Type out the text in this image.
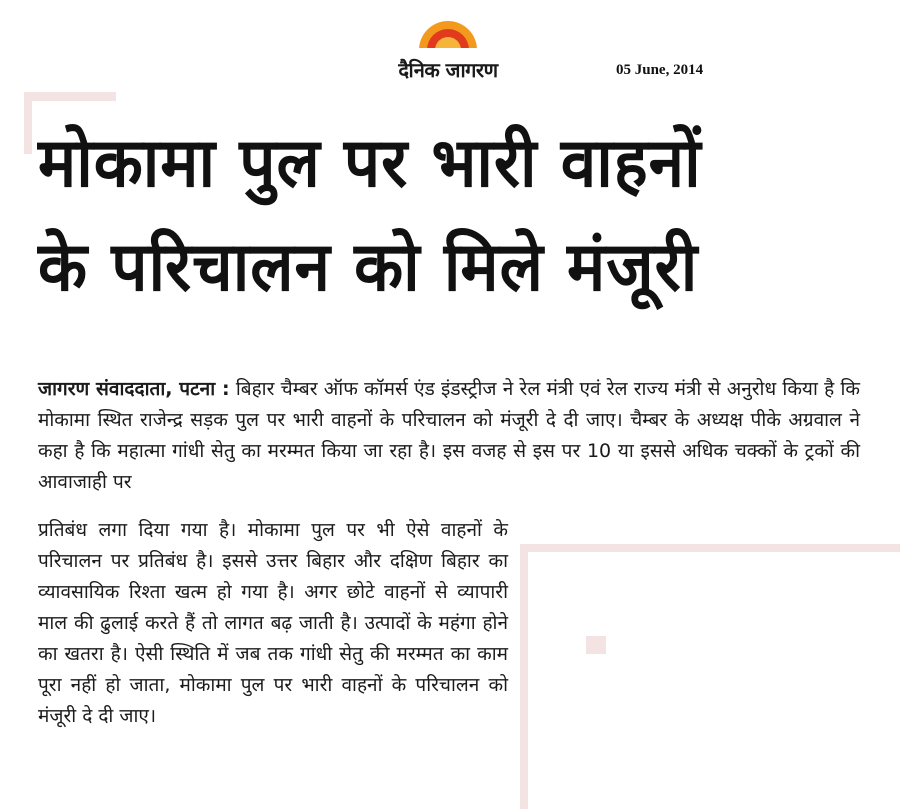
दैनिक जागरण	05 June, 2014
मोकामा पुल पर भारी वाहनों
के परिचालन को मिले मंजूरी
जागरण संवाददाता, पटना : बिहार चैम्बर ऑफ कॉमर्स एंड इंडस्ट्रीज ने रेल मंत्री एवं रेल राज्य मंत्री से अनुरोध किया है कि मोकामा स्थित राजेन्द्र सड़क पुल पर भारी वाहनों के परिचालन को मंजूरी दे दी जाए। चैम्बर के अध्यक्ष पीके अग्रवाल ने कहा है कि महात्मा गांधी सेतु का मरम्मत किया जा रहा है। इस वजह से इस पर 10 या इससे अधिक चक्कों के ट्रकों की आवाजाही पर
प्रतिबंध लगा दिया गया है। मोकामा पुल पर भी ऐसे वाहनों के परिचालन पर प्रतिबंध है। इससे उत्तर बिहार और दक्षिण बिहार का व्यावसायिक रिश्ता खत्म हो गया है। अगर छोटे वाहनों से व्यापारी माल की ढुलाई करते हैं तो लागत बढ़ जाती है। उत्पादों के महंगा होने का खतरा है। ऐसी स्थिति में जब तक गांधी सेतु की मरम्मत का काम पूरा नहीं हो जाता, मोकामा पुल पर भारी वाहनों के परिचालन को मंजूरी दे दी जाए।
